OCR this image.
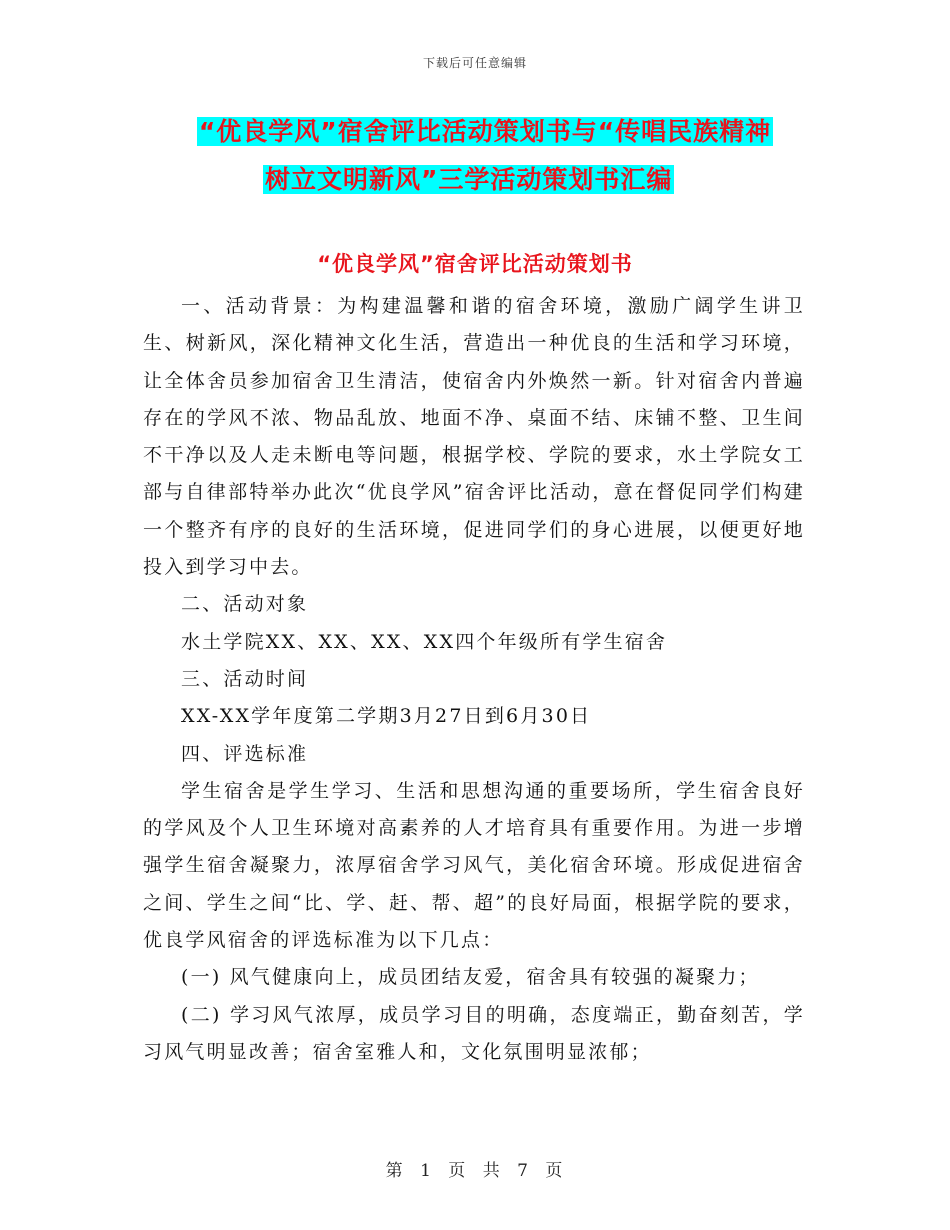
下载后可任意编辑
“优良学风”宿舍评比活动策划书与“传唱民族精神
树立文明新风”三学活动策划书汇编
“优良学风”宿舍评比活动策划书

一、活动背景：为构建温馨和谐的宿舍环境，激励广阔学生讲卫生、树新风，深化精神文化生活，营造出一种优良的生活和学习环境，让全体舍员参加宿舍卫生清洁，使宿舍内外焕然一新。针对宿舍内普遍存在的学风不浓、物品乱放、地面不净、桌面不结、床铺不整、卫生间不干净以及人走未断电等问题，根据学校、学院的要求，水土学院女工部与自律部特举办此次“优良学风”宿舍评比活动，意在督促同学们构建一个整齐有序的良好的生活环境，促进同学们的身心进展，以便更好地投入到学习中去。

二、活动对象

水土学院XX、XX、XX、XX四个年级所有学生宿舍

三、活动时间

XX-XX学年度第二学期3月27日到6月30日

四、评选标准

学生宿舍是学生学习、生活和思想沟通的重要场所，学生宿舍良好的学风及个人卫生环境对高素养的人才培育具有重要作用。为进一步增强学生宿舍凝聚力，浓厚宿舍学习风气，美化宿舍环境。形成促进宿舍之间、学生之间“比、学、赶、帮、超”的良好局面，根据学院的要求，优良学风宿舍的评选标准为以下几点：

(一) 风气健康向上，成员团结友爱，宿舍具有较强的凝聚力；

(二) 学习风气浓厚，成员学习目的明确，态度端正，勤奋刻苦，学习风气明显改善；宿舍室雅人和，文化氛围明显浓郁；

第 1 页 共 7 页
